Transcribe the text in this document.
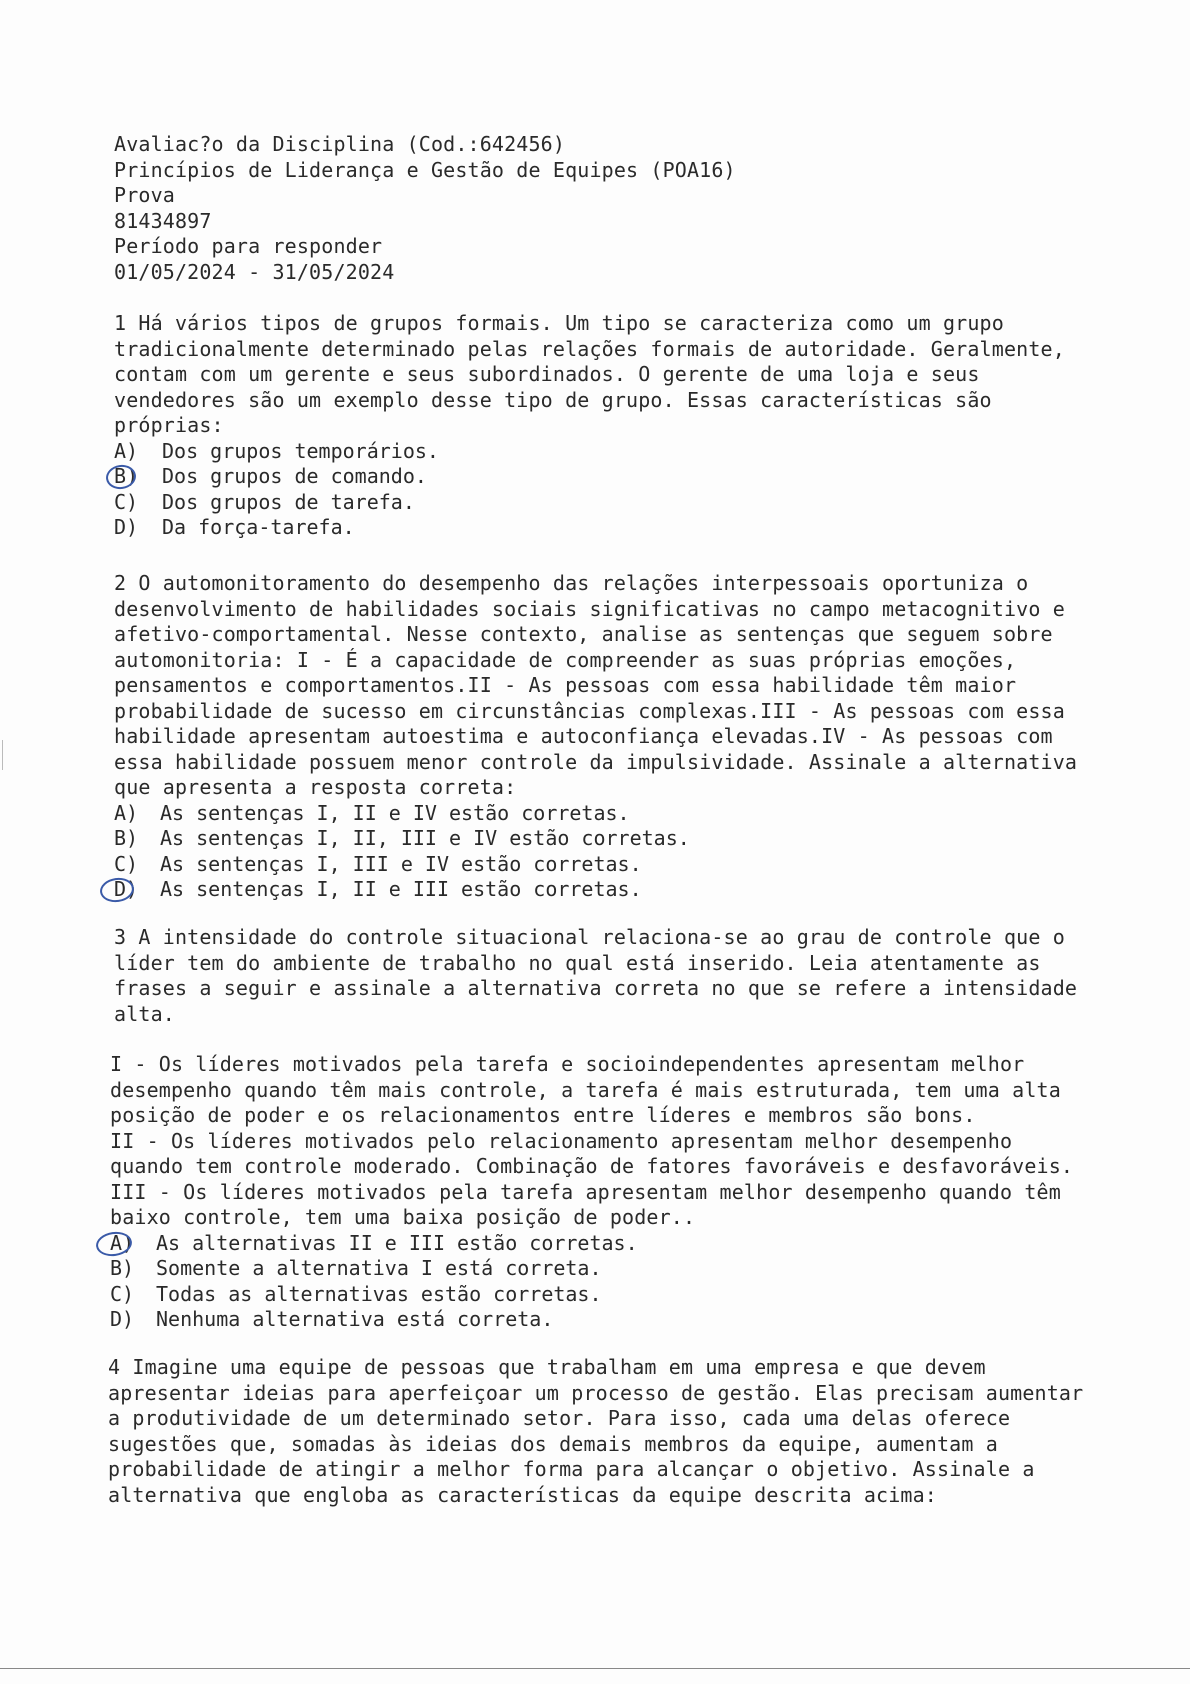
Avaliac?o da Disciplina (Cod.:642456)
Princípios de Liderança e Gestão de Equipes (POA16)
Prova
81434897
Período para responder
01/05/2024 - 31/05/2024
1 Há vários tipos de grupos formais. Um tipo se caracteriza como um grupo
tradicionalmente determinado pelas relações formais de autoridade. Geralmente,
contam com um gerente e seus subordinados. O gerente de uma loja e seus
vendedores são um exemplo desse tipo de grupo. Essas características são
próprias:
A) Dos grupos temporários.
B) Dos grupos de comando.
C) Dos grupos de tarefa.
D) Da força-tarefa.
2 O automonitoramento do desempenho das relações interpessoais oportuniza o
desenvolvimento de habilidades sociais significativas no campo metacognitivo e
afetivo-comportamental. Nesse contexto, analise as sentenças que seguem sobre
automonitoria: I - É a capacidade de compreender as suas próprias emoções,
pensamentos e comportamentos.II - As pessoas com essa habilidade têm maior
probabilidade de sucesso em circunstâncias complexas.III - As pessoas com essa
habilidade apresentam autoestima e autoconfiança elevadas.IV - As pessoas com
essa habilidade possuem menor controle da impulsividade. Assinale a alternativa
que apresenta a resposta correta:
A) As sentenças I, II e IV estão corretas.
B) As sentenças I, II, III e IV estão corretas.
C) As sentenças I, III e IV estão corretas.
D) As sentenças I, II e III estão corretas.
3 A intensidade do controle situacional relaciona-se ao grau de controle que o
líder tem do ambiente de trabalho no qual está inserido. Leia atentamente as
frases a seguir e assinale a alternativa correta no que se refere a intensidade
alta.
I - Os líderes motivados pela tarefa e socioindependentes apresentam melhor
desempenho quando têm mais controle, a tarefa é mais estruturada, tem uma alta
posição de poder e os relacionamentos entre líderes e membros são bons.
II - Os líderes motivados pelo relacionamento apresentam melhor desempenho
quando tem controle moderado. Combinação de fatores favoráveis e desfavoráveis.
III - Os líderes motivados pela tarefa apresentam melhor desempenho quando têm
baixo controle, tem uma baixa posição de poder..
A) As alternativas II e III estão corretas.
B) Somente a alternativa I está correta.
C) Todas as alternativas estão corretas.
D) Nenhuma alternativa está correta.
4 Imagine uma equipe de pessoas que trabalham em uma empresa e que devem
apresentar ideias para aperfeiçoar um processo de gestão. Elas precisam aumentar
a produtividade de um determinado setor. Para isso, cada uma delas oferece
sugestões que, somadas às ideias dos demais membros da equipe, aumentam a
probabilidade de atingir a melhor forma para alcançar o objetivo. Assinale a
alternativa que engloba as características da equipe descrita acima:
